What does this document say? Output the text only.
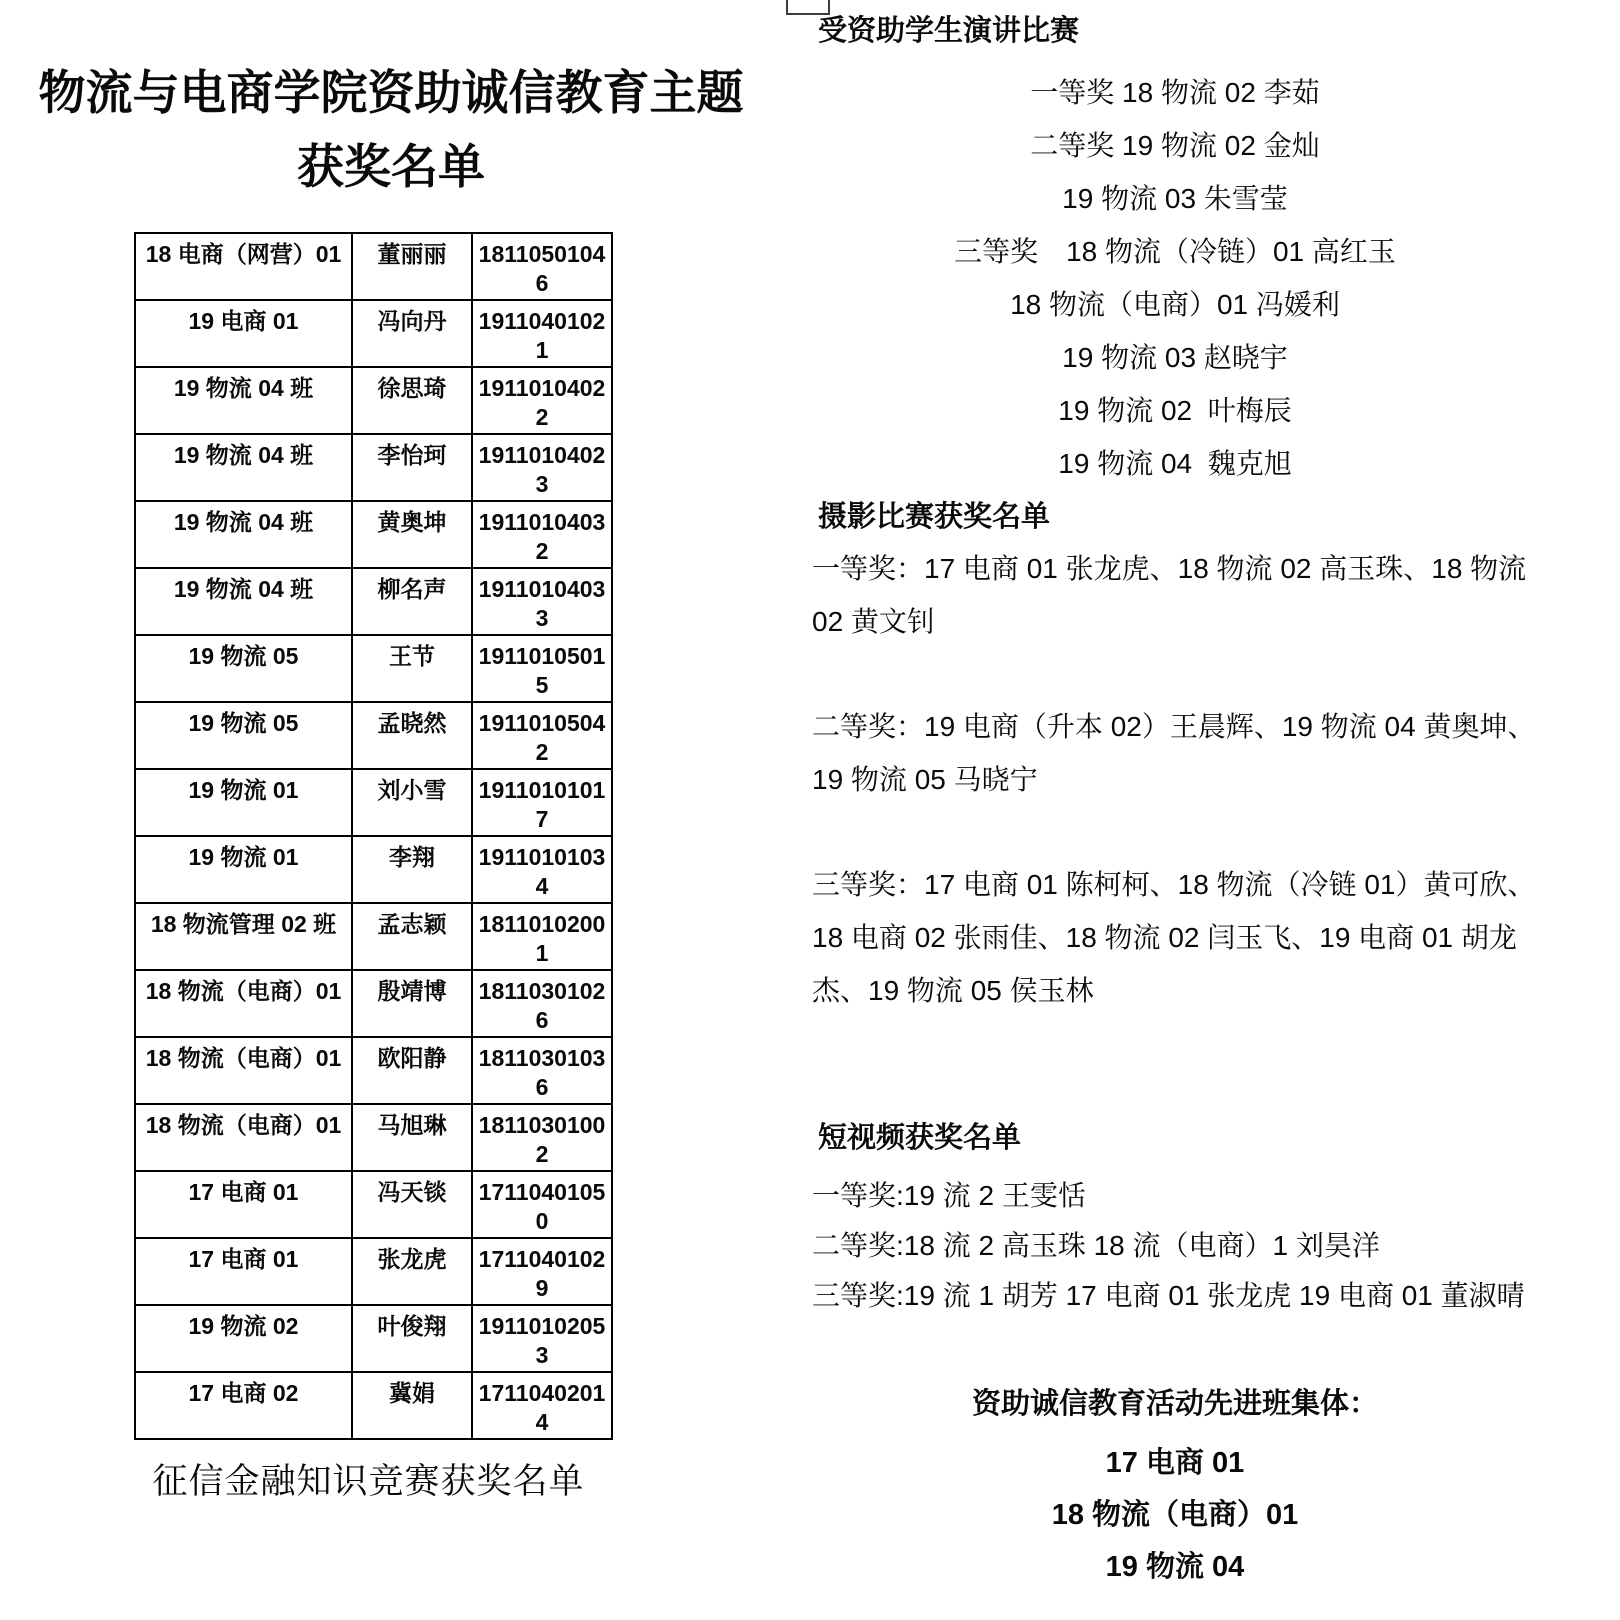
物流与电商学院资助诚信教育主题
获奖名单
18 电商（网营）01	董丽丽	18110501046
19 电商 01	冯向丹	19110401021
19 物流 04 班	徐思琦	19110104022
19 物流 04 班	李怡珂	19110104023
19 物流 04 班	黄奥坤	19110104032
19 物流 04 班	柳名声	19110104033
19 物流 05	王节	19110105015
19 物流 05	孟晓然	19110105042
19 物流 01	刘小雪	19110101017
19 物流 01	李翔	19110101034
18 物流管理 02 班	孟志颖	18110102001
18 物流（电商）01	殷靖博	18110301026
18 物流（电商）01	欧阳静	18110301036
18 物流（电商）01	马旭琳	18110301002
17 电商 01	冯天锬	17110401050
17 电商 01	张龙虎	17110401029
19 物流 02	叶俊翔	19110102053
17 电商 02	冀娟	17110402014
征信金融知识竞赛获奖名单
受资助学生演讲比赛
一等奖 18 物流 02 李茹
二等奖 19 物流 02 金灿
19 物流 03 朱雪莹
三等奖　18 物流（冷链）01 高红玉
18 物流（电商）01 冯媛利
19 物流 03 赵晓宇
19 物流 02  叶梅辰
19 物流 04  魏克旭
摄影比赛获奖名单
一等奖：17 电商 01 张龙虎、18 物流 02 高玉珠、18 物流 02 黄文钊
二等奖：19 电商（升本 02）王晨辉、19 物流 04 黄奥坤、19 物流 05 马晓宁
三等奖：17 电商 01 陈柯柯、18 物流（冷链 01）黄可欣、18 电商 02 张雨佳、18 物流 02 闫玉飞、19 电商 01 胡龙杰、19 物流 05 侯玉林
短视频获奖名单
一等奖:19 流 2 王雯恬
二等奖:18 流 2 高玉珠 18 流（电商）1 刘昊洋
三等奖:19 流 1 胡芳 17 电商 01 张龙虎 19 电商 01 董淑晴
资助诚信教育活动先进班集体：
17 电商 01
18 物流（电商）01
19 物流 04
